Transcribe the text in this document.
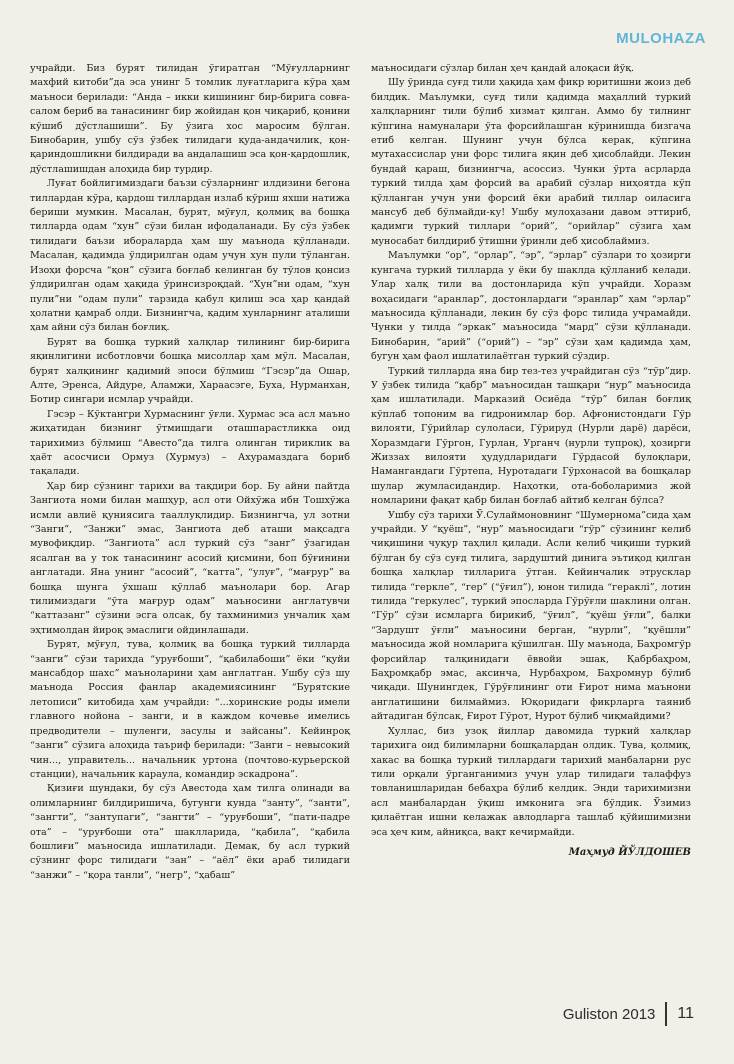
MULOHAZA

учрайди. Биз бурят тилидан ўгиратган “Мўғулларнинг махфий китоби”да эса унинг 5 томлик луғатларига кўра ҳам маъноси берилади: “Анда – икки кишининг бир-бирига совға-салом бериб ва танасининг бир жойидан қон чиқариб, қонини кўшиб дўстлашиши”. Бу ўзига хос маросим бўлган. Бинобарин, ушбу сўз ўзбек тилидаги қуда-андачилик, қон-қариндошликни билдиради ва андалашиш эса қон-қардошлик, дўстлашишдан алоҳида бир турдир.

Луғат бойлигимиздаги баъзи сўзларнинг илдизини бегона тиллардан кўра, қардош тиллардан излаб кўриш яхши натижа бериши мумкин. Масалан, бурят, мўғул, қолмиқ ва бошқа тилларда одам “хун” сўзи билан ифодаланади. Бу сўз ўзбек тилидаги баъзи ибораларда ҳам шу маънода қўлланади. Масалан, қадимда ўлдирилган одам учун хун пули тўланган. Изоҳи форсча “қон” сўзига боғлаб келинган бу тўлов қонсиз ўлдирилган одам ҳақида ўринсизроқдай. “Хун”ни одам, “хун пули”ни “одам пули” тарзида қабул қилиш эса ҳар қандай ҳолатни қамраб олди. Бизнингча, қадим хунларнинг аталиши ҳам айни сўз билан боғлиқ.

Бурят ва бошқа туркий халқлар тилининг бир-бирига яқинлигини исботловчи бошқа мисоллар ҳам мўл. Масалан, бурят халқининг қадимий эпоси бўлмиш “Гэсэр”да Ошар, Алте, Эренса, Айдуре, Аламжи, Хараасэге, Буха, Нурманхан, Ботир сингари исмлар учрайди.

Гэсэр – Кўктангри Хурмаснинг ўғли. Хурмас эса асл маъно жиҳатидан бизнинг ўтмишдаги оташпарастликка оид тарихимиз бўлмиш “Авесто”да тилга олинган тириклик ва ҳаёт асосчиси Ормуз (Хурмуз) – Ахурамаздага бориб тақалади.

Ҳар бир сўзнинг тарихи ва тақдири бор. Бу айни пайтда Зангиота номи билан машҳур, асл оти Ойхўжа ибн Тошхўжа исмли авлиё қуниясига тааллуқлидир. Бизнингча, ул зотни “Занги”, “Занжи” эмас, Зангиота деб аташи мақсадга мувофиқдир. “Зангиота” асл туркий сўз “занг” ўзагидан ясалган ва у ток танасининг асосий қисмини, боп бўғинини англатади. Яна унинг “асосий”, “катта”, “улуғ”, “мағрур” ва бошқа шунга ўхшаш қўллаб маънолари бор. Агар тилимиздаги “ўта мағрур одам” маъносини англатувчи “каттазанг” сўзини эсга олсак, бу тахминимиз унчалик ҳам эҳтимолдан йироқ эмаслиги ойдинлашади.

Бурят, мўғул, тува, қолмиқ ва бошқа туркий тилларда “занги” сўзи тарихда “уруғбоши”, “қабилабоши” ёки “қуйи мансабдор шахс” маъноларини ҳам англатган. Ушбу сўз шу маънода Россия фанлар академиясининг “Бурятские летописи” китобида ҳам учрайди: “...хоринские роды имели главного нойона – занги, и в каждом кочевье имелись предводители – шуленги, засулы и зайсаны”. Кейинроқ “занги” сўзига алоҳида таъриф берилади: “Занги – невысокий чин..., управитель... начальник уртона (почтово-курьерской станции), начальник караула, командир эскадрона”.

Қизиғи шундаки, бу сўз Авестода ҳам тилга олинади ва олимларнинг билдиришича, бугунги кунда “занту”, “занти”, “зангти”, “зантупаги”, “зангти” – “уруғбоши”, “пати-падре ота” – “уруғбоши ота” шаклларида, “қабила”, “қабила бошлиғи” маъносида ишлатилади. Демак, бу асл туркий сўзнинг форс тилидаги “зан” – “аёл” ёки араб тилидаги “занжи” – “қора танли”, “негр”, “ҳабаш”

маъносидаги сўзлар билан ҳеч қандай алоқаси йўқ.

Шу ўринда суғд тили ҳақида ҳам фикр юритишни жоиз деб билдик. Маълумки, суғд тили қадимда маҳаллий туркий халқларнинг тили бўлиб хизмат қилган. Аммо бу тилнинг кўпгина намуналари ўта форсийлашган кўринишда бизгача етиб келган. Шунинг учун бўлса керак, кўпгина мутахассислар уни форс тилига яқин деб ҳисоблайди. Лекин бундай қараш, бизнингча, асоссиз. Чунки ўрта асрларда туркий тилда ҳам форсий ва арабий сўзлар ниҳоятда кўп қўлланган учун уни форсий ёки арабий тиллар оиласига мансуб деб бўлмайди-ку! Ушбу мулоҳазани давом эттириб, қадимги туркий тиллари “орий”, “орийлар” сўзига ҳам муносабат билдириб ўтишни ўринли деб ҳисоблаймиз.

Маълумки “ор”, “орлар”, “эр”, “эрлар” сўзлари то ҳозирги кунгача туркий тилларда у ёки бу шаклда қўлланиб келади. Улар халқ тили ва достонларида кўп учрайди. Хоразм воҳасидаги “аранлар”, достонлардаги “эранлар” ҳам “эрлар” маъносида қўлланади, лекин бу сўз форс тилида учрамайди. Чунки у тилда “эркак” маъносида “мард” сўзи қўлланади. Бинобарин, “арий” (“орий”) – “эр” сўзи ҳам қадимда ҳам, бугун ҳам фаол ишлатилаётган туркий сўздир.

Туркий тилларда яна бир тез-тез учрайдиган сўз “тўр”дир. У ўзбек тилида “қабр” маъносидан ташқари “нур” маъносида ҳам ишлатилади. Марказий Осиёда “тўр” билан боғлиқ кўплаб топоним ва гидронимлар бор. Афғонистондаги Гўр вилояти, Гўрийлар сулоласи, Гўрируд (Нурли дарё) дарёси, Хоразмдаги Гўргон, Гурлан, Урганч (нурли тупроқ), ҳозирги Жиззах вилояти ҳудудларидаги Гўрдасой булоқлари, Намангандаги Гўртепа, Нуротадаги Гўрхонасой ва бошқалар шулар жумласидандир. Наҳотки, ота-боболаримиз жой номларини фақат қабр билан боғлаб айтиб келган бўлса?

Ушбу сўз тарихи Ў.Сулаймоновнинг “Шумернома”сида ҳам учрайди. У “қуёш”, “нур” маъносидаги “гўр” сўзининг келиб чиқишини чуқур таҳлил қилади. Асли келиб чиқиши туркий бўлган бу сўз суғд тилига, зардуштий динига эътиқод қилган бошқа халқлар тилларига ўтган. Кейинчалик этрусклар тилида “геркле”, “гер” (“ўғил”), юнон тилида “гераклі”, лотин тилида “геркулес”, туркий эпосларда Гўрўғли шаклини олган. “Гўр” сўзи исмларга бирикиб, “ўғил”, “қуёш ўғли”, балки “Зардушт ўғли” маъносини берган, “нурли”, “қуёшли” маъносида жой номларига қўшилган. Шу маънода, Баҳромгўр форсийлар талқинидаги ёввойи эшак, Қабрбаҳром, Баҳромқабр эмас, аксинча, Нурбаҳром, Баҳромнур бўлиб чиқади. Шунингдек, Гўрўғлининг оти Ғирот нима маънони англатишини билмаймиз. Юқоридаги фикрларга таяниб айтадиган бўлсак, Ғирот Гўрот, Нурот бўлиб чиқмайдими?

Хуллас, биз узоқ йиллар давомида туркий халқлар тарихига оид билимларни бошқалардан олдик. Тува, қолмиқ, хакас ва бошқа туркий тиллардаги тарихий манбаларни рус тили орқали ўрганганимиз учун улар тилидаги талаффуз товланишларидан бебаҳра бўлиб келдик. Энди тарихимизни асл манбалардан ўқиш имконига эга бўлдик. Ўзимиз қилаётган ишни келажак авлодларга ташлаб қўйишимизни эса ҳеч ким, айниқса, вақт кечирмайди.

Маҳмуд ЙЎЛДОШЕВ
Guliston 2013 11
